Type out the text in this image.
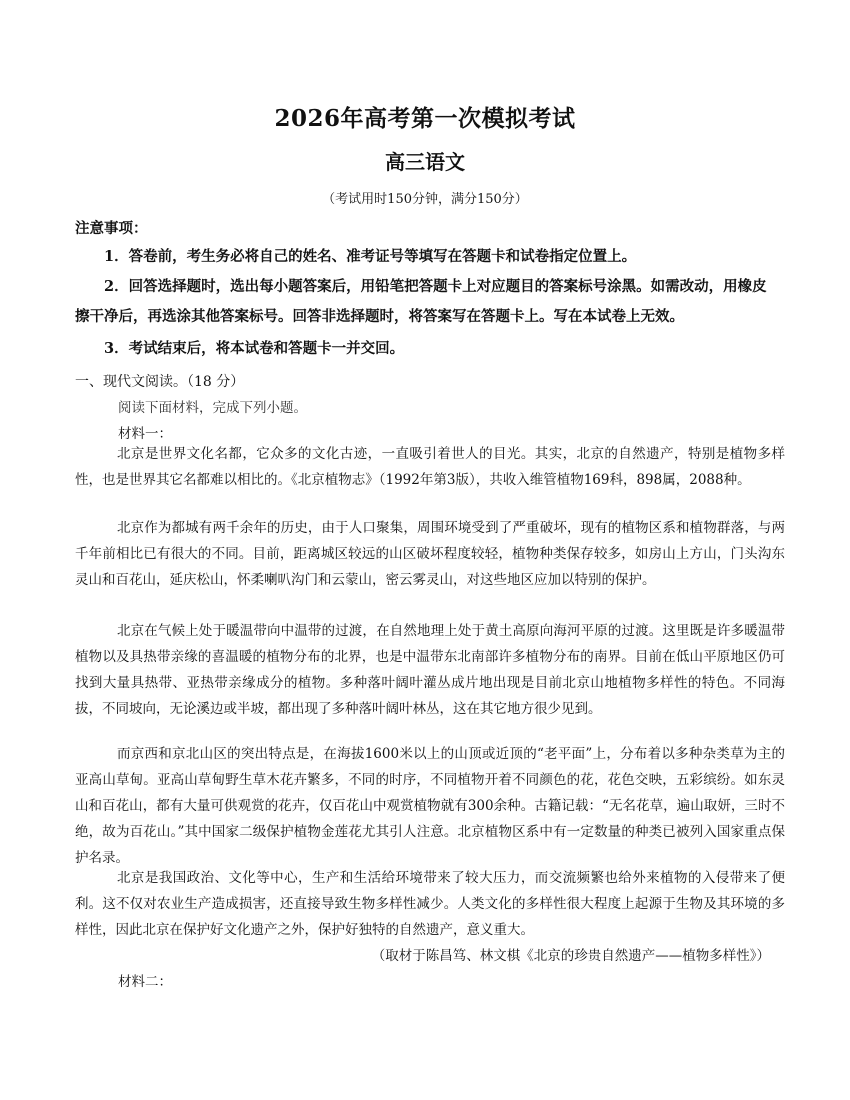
2026年高考第一次模拟考试
高三语文
（考试用时150分钟，满分150分）
注意事项：
1．答卷前，考生务必将自己的姓名、准考证号等填写在答题卡和试卷指定位置上。
2．回答选择题时，选出每小题答案后，用铅笔把答题卡上对应题目的答案标号涂黑。如需改动，用橡皮擦干净后，再选涂其他答案标号。回答非选择题时，将答案写在答题卡上。写在本试卷上无效。
3．考试结束后，将本试卷和答题卡一并交回。
一、现代文阅读。（18 分）
阅读下面材料，完成下列小题。
材料一：
北京是世界文化名都，它众多的文化古迹，一直吸引着世人的目光。其实，北京的自然遗产，特别是植物多样性，也是世界其它名都难以相比的。《北京植物志》（1992年第3版），共收入维管植物169科，898属，2088种。
北京作为都城有两千余年的历史，由于人口聚集，周围环境受到了严重破坏，现有的植物区系和植物群落，与两千年前相比已有很大的不同。目前，距离城区较远的山区破坏程度较轻，植物种类保存较多，如房山上方山，门头沟东灵山和百花山，延庆松山，怀柔喇叭沟门和云蒙山，密云雾灵山，对这些地区应加以特别的保护。
北京在气候上处于暖温带向中温带的过渡，在自然地理上处于黄土高原向海河平原的过渡。这里既是许多暖温带植物以及具热带亲缘的喜温暖的植物分布的北界，也是中温带东北南部许多植物分布的南界。目前在低山平原地区仍可找到大量具热带、亚热带亲缘成分的植物。多种落叶阔叶灌丛成片地出现是目前北京山地植物多样性的特色。不同海拔，不同坡向，无论溪边或半坡，都出现了多种落叶阔叶林丛，这在其它地方很少见到。
而京西和京北山区的突出特点是，在海拔1600米以上的山顶或近顶的“老平面”上，分布着以多种杂类草为主的亚高山草甸。亚高山草甸野生草木花卉繁多，不同的时序，不同植物开着不同颜色的花，花色交映，五彩缤纷。如东灵山和百花山，都有大量可供观赏的花卉，仅百花山中观赏植物就有300余种。古籍记载：“无名花草，遍山取妍，三时不绝，故为百花山。”其中国家二级保护植物金莲花尤其引人注意。北京植物区系中有一定数量的种类已被列入国家重点保护名录。
北京是我国政治、文化等中心，生产和生活给环境带来了较大压力，而交流频繁也给外来植物的入侵带来了便利。这不仅对农业生产造成损害，还直接导致生物多样性减少。人类文化的多样性很大程度上起源于生物及其环境的多样性，因此北京在保护好文化遗产之外，保护好独特的自然遗产，意义重大。
（取材于陈昌笃、林文棋《北京的珍贵自然遗产——植物多样性》）
材料二：
